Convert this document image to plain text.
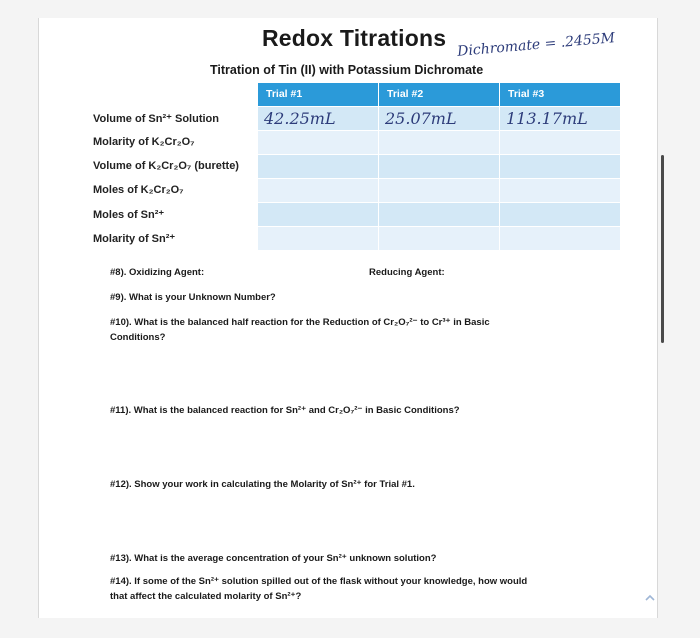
Redox Titrations Dichromate = .2455M
Titration of Tin (II) with Potassium Dichromate
	Trial #1	Trial #2	Trial #3
Volume of Sn²⁺ Solution	42.25mL	25.07mL	113.17mL
Molarity of K₂Cr₂O₇			
Volume of K₂Cr₂O₇ (burette)			
Moles of K₂Cr₂O₇			
Moles of Sn²⁺			
Molarity of Sn²⁺			
#8). Oxidizing Agent:	Reducing Agent:
#9). What is your Unknown Number?
#10). What is the balanced half reaction for the Reduction of Cr₂O₇²⁻ to Cr³⁺ in Basic
Conditions?
#11). What is the balanced reaction for Sn²⁺ and Cr₂O₇²⁻ in Basic Conditions?
#12). Show your work in calculating the Molarity of Sn²⁺ for Trial #1.
#13). What is the average concentration of your Sn²⁺ unknown solution?
#14). If some of the Sn²⁺ solution spilled out of the flask without your knowledge, how would
that affect the calculated molarity of Sn²⁺?
